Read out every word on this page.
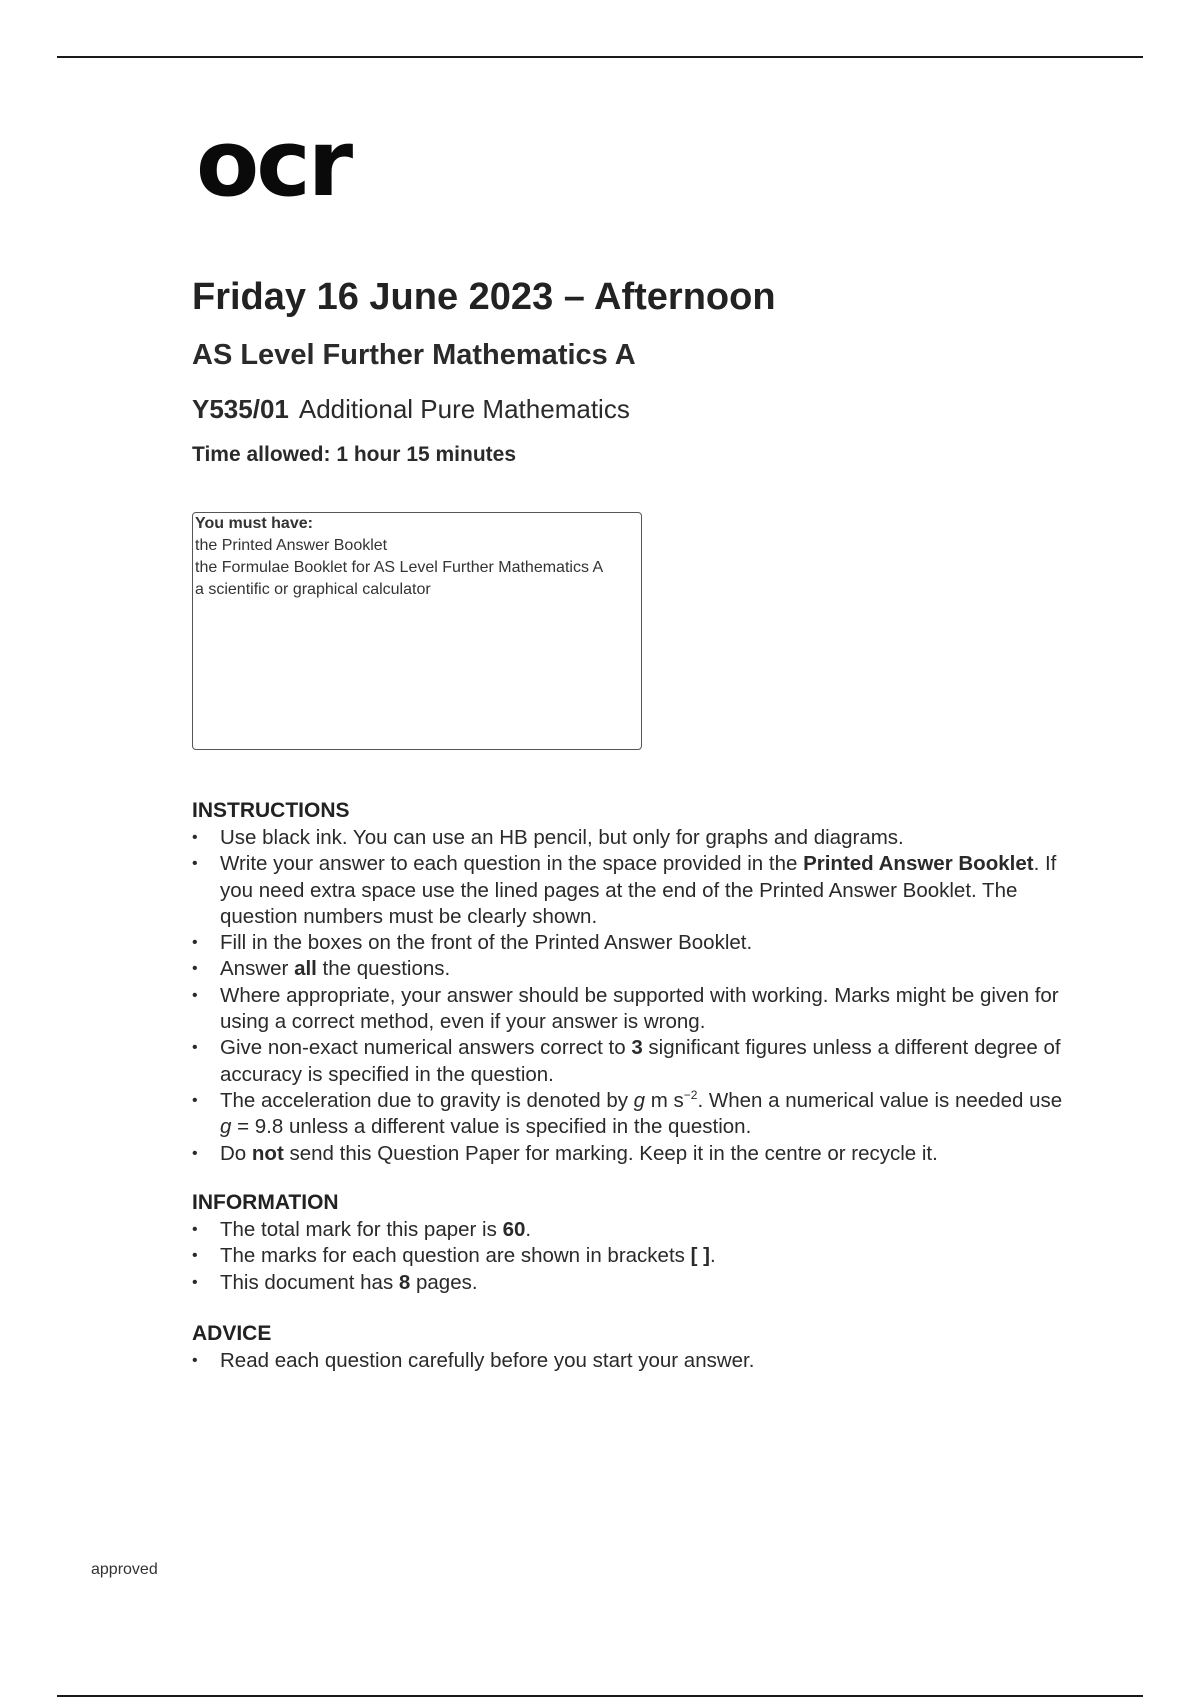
ocr
Friday 16 June 2023 – Afternoon
AS Level Further Mathematics A
Y535/01 Additional Pure Mathematics
Time allowed: 1 hour 15 minutes
You must have:
the Printed Answer Booklet
the Formulae Booklet for AS Level Further Mathematics A
a scientific or graphical calculator
INSTRUCTIONS
• Use black ink. You can use an HB pencil, but only for graphs and diagrams.
• Write your answer to each question in the space provided in the Printed Answer Booklet. If you need extra space use the lined pages at the end of the Printed Answer Booklet. The question numbers must be clearly shown.
• Fill in the boxes on the front of the Printed Answer Booklet.
• Answer all the questions.
• Where appropriate, your answer should be supported with working. Marks might be given for using a correct method, even if your answer is wrong.
• Give non-exact numerical answers correct to 3 significant figures unless a different degree of accuracy is specified in the question.
• The acceleration due to gravity is denoted by g m $s^{-2}$. When a numerical value is needed use g = 9.8 unless a different value is specified in the question.
• Do not send this Question Paper for marking. Keep it in the centre or recycle it.
INFORMATION
• The total mark for this paper is 60.
• The marks for each question are shown in brackets [ ].
• This document has 8 pages.
ADVICE
• Read each question carefully before you start your answer.
approved
